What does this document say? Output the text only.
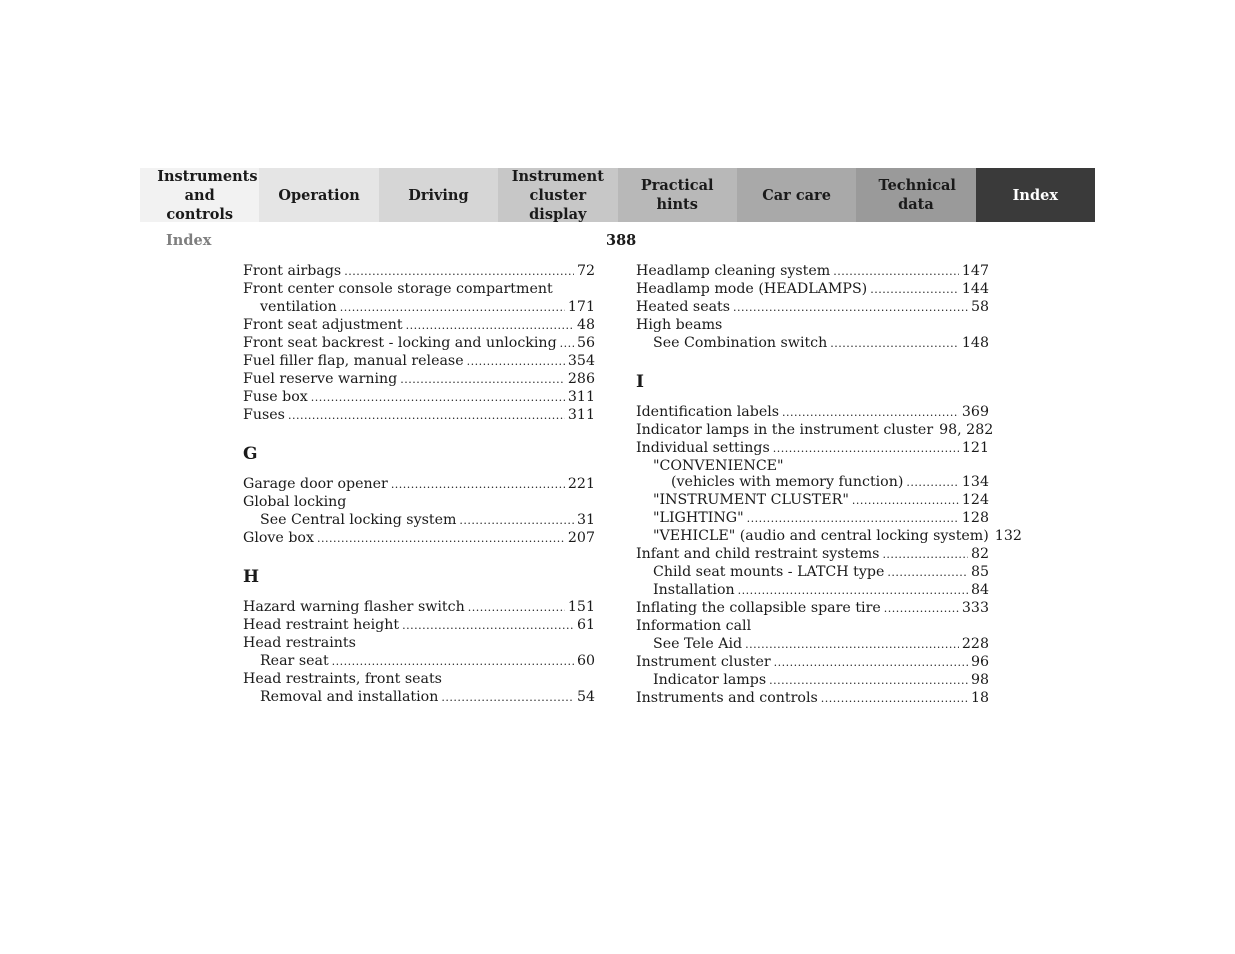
Instruments and controls
Operation	Driving
Instrument cluster display
Practical hints
Car care
Technical data
Index
Index	388
Front airbags .....	72
Front center console storage compartment
ventilation .....	171
Front seat adjustment .....	48
Front seat backrest - locking and unlocking ..... 56
Fuel filler flap, manual release .....	354
Fuel reserve warning .....	286
Fuse box .....	311
Fuses .....	311
G
Garage door opener .....	221
Global locking
See Central locking system .....	31
Glove box .....	207
H
Hazard warning flasher switch .....	151
Head restraint height .....	61
Head restraints
Rear seat .....	60
Head restraints, front seats
Removal and installation .....	54
Headlamp cleaning system .....	147
Headlamp mode (HEADLAMPS) .....	144
Heated seats .....	58
High beams
See Combination switch .....	148
I
Identification labels .....	369
Indicator lamps in the instrument cluster 98, 282
Individual settings .....	121
"CONVENIENCE"
(vehicles with memory function) .....	134
"INSTRUMENT CLUSTER" .....	124
"LIGHTING" .....	128
"VEHICLE" (audio and central locking system) 132
Infant and child restraint systems .....	82
Child seat mounts - LATCH type .....	85
Installation .....	84
Inflating the collapsible spare tire .....	333
Information call
See Tele Aid .....	228
Instrument cluster .....	96
Indicator lamps .....	98
Instruments and controls .....	18
